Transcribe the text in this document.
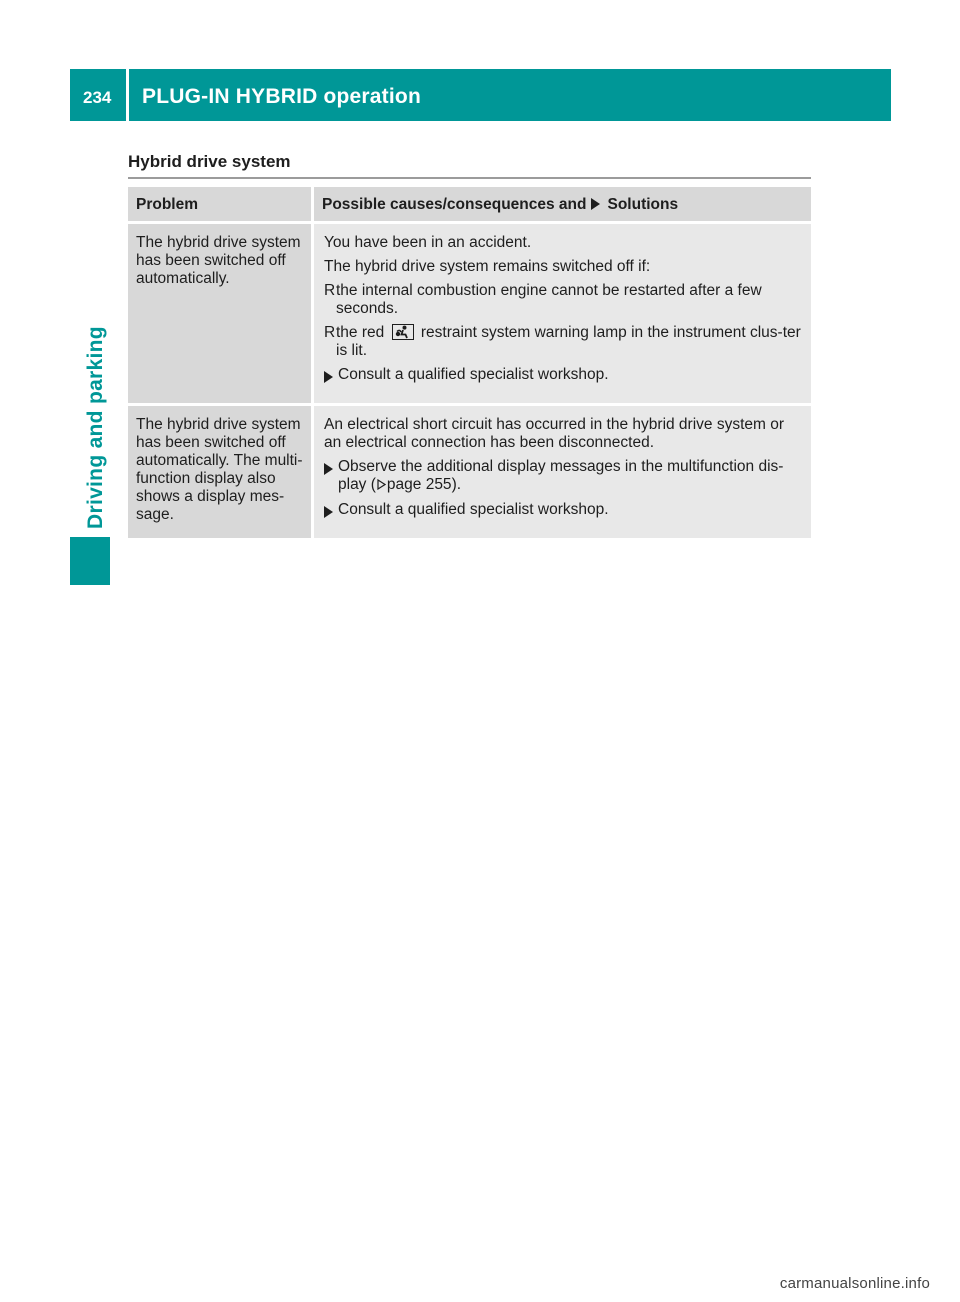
234	PLUG-IN HYBRID operation
Driving and parking
Hybrid drive system
Problem	Possible causes/consequences and Solutions
The hybrid drive system has been switched off automatically.

You have been in an accident.

The hybrid drive system remains switched off if:

R the internal combustion engine cannot be restarted after a few seconds.
R the red restraint system warning lamp in the instrument clus-ter is lit.
Consult a qualified specialist workshop.
The hybrid drive system has been switched off automatically. The multi-function display also shows a display mes-sage.

An electrical short circuit has occurred in the hybrid drive system or an electrical connection has been disconnected.

Observe the additional display messages in the multifunction dis-play ( page 255).
Consult a qualified specialist workshop.
carmanualsonline.info
